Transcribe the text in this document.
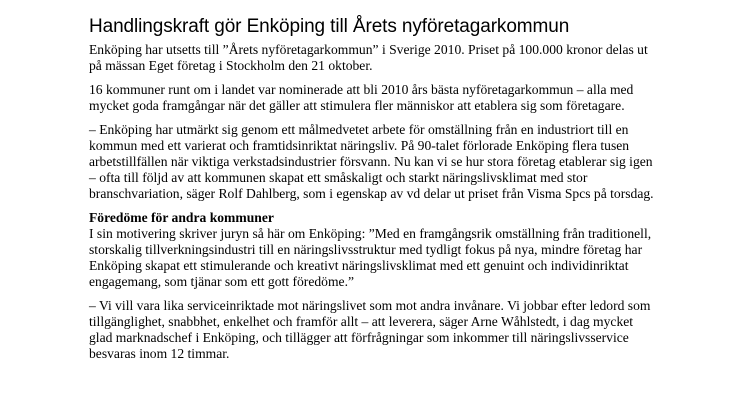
Handlingskraft gör Enköping till Årets nyföretagarkommun

Enköping har utsetts till ”Årets nyföretagarkommun” i Sverige 2010. Priset på 100.000 kronor delas ut på mässan Eget företag i Stockholm den 21 oktober.

16 kommuner runt om i landet var nominerade att bli 2010 års bästa nyföretagarkommun – alla med mycket goda framgångar när det gäller att stimulera fler människor att etablera sig som företagare.

– Enköping har utmärkt sig genom ett målmedvetet arbete för omställning från en industriort till en kommun med ett varierat och framtidsinriktat näringsliv. På 90-talet förlorade Enköping flera tusen arbetstillfällen när viktiga verkstadsindustrier försvann. Nu kan vi se hur stora företag etablerar sig igen – ofta till följd av att kommunen skapat ett småskaligt och starkt näringslivsklimat med stor branschvariation, säger Rolf Dahlberg, som i egenskap av vd delar ut priset från Visma Spcs på torsdag.

Föredöme för andra kommuner

I sin motivering skriver juryn så här om Enköping: ”Med en framgångsrik omställning från traditionell, storskalig tillverkningsindustri till en näringslivsstruktur med tydligt fokus på nya, mindre företag har Enköping skapat ett stimulerande och kreativt näringslivsklimat med ett genuint och individinriktat engagemang, som tjänar som ett gott föredöme.”

– Vi vill vara lika serviceinriktade mot näringslivet som mot andra invånare. Vi jobbar efter ledord som tillgänglighet, snabbhet, enkelhet och framför allt – att leverera, säger Arne Wåhlstedt, i dag mycket glad marknadschef i Enköping, och tillägger att förfrågningar som inkommer till näringslivsservice besvaras inom 12 timmar.
